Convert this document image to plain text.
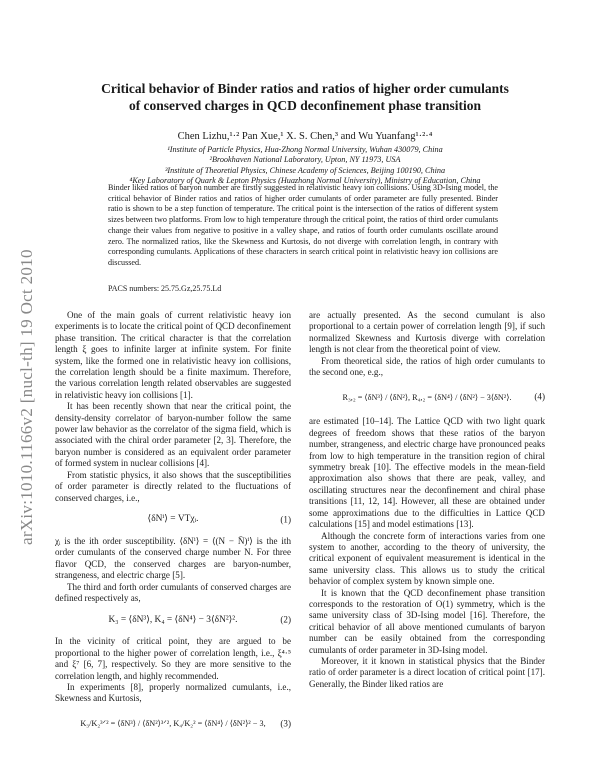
arXiv:1010.1166v2 [nucl-th] 19 Oct 2010
Critical behavior of Binder ratios and ratios of higher order cumulants
of conserved charges in QCD deconfinement phase transition
Chen Lizhu,¹·² Pan Xue,¹ X. S. Chen,³ and Wu Yuanfang¹·²·⁴
¹Institute of Particle Physics, Hua-Zhong Normal University, Wuhan 430079, China
²Brookhaven National Laboratory, Upton, NY 11973, USA
³Institute of Theoretial Physics, Chinese Academy of Sciences, Beijing 100190, China
⁴Key Laboratory of Quark & Lepton Physics (Huazhong Normal University), Ministry of Education, China
Binder liked ratios of baryon number are firstly suggested in relativistic heavy ion collisions. Using 3D-Ising model, the critical behavior of Binder ratios and ratios of higher order cumulants of order parameter are fully presented. Binder ratio is shown to be a step function of temperature. The critical point is the intersection of the ratios of different system sizes between two platforms. From low to high temperature through the critical point, the ratios of third order cumulants change their values from negative to positive in a valley shape, and ratios of fourth order cumulants oscillate around zero. The normalized ratios, like the Skewness and Kurtosis, do not diverge with correlation length, in contrary with corresponding cumulants. Applications of these characters in search critical point in relativistic heavy ion collisions are discussed.
PACS numbers: 25.75.Gz,25.75.Ld

One of the main goals of current relativistic heavy ion experiments is to locate the critical point of QCD deconfinement phase transition. The critical character is that the correlation length ξ goes to infinite larger at infinite system. For finite system, like the formed one in relativistic heavy ion collisions, the correlation length should be a finite maximum. Therefore, the various correlation length related observables are suggested in relativistic heavy ion collisions [1].

It has been recently shown that near the critical point, the density-density correlator of baryon-number follow the same power law behavior as the correlator of the sigma field, which is associated with the chiral order parameter [2, 3]. Therefore, the baryon number is considered as an equivalent order parameter of formed system in nuclear collisions [4].

From statistic physics, it also shows that the susceptibilities of order parameter is directly related to the fluctuations of conserved charges, i.e.,

⟨δNⁱ⟩ = VTχᵢ.	(1)

χᵢ is the ith order susceptibility. ⟨δNⁱ⟩ = ⟨(N − N̄)ⁱ⟩ is the ith order cumulants of the conserved charge number N. For three flavor QCD, the conserved charges are baryon-number, strangeness, and electric charge [5].

The third and forth order cumulants of conserved charges are defined respectively as,

K₃ = ⟨δN³⟩, K₄ = ⟨δN⁴⟩ − 3⟨δN²⟩².	(2)

In the vicinity of critical point, they are argued to be proportional to the higher power of correlation length, i.e., ξ⁴·⁵ and ξ⁷ [6, 7], respectively. So they are more sensitive to the correlation length, and highly recommended.

In experiments [8], properly normalized cumulants, i.e., Skewness and Kurtosis,

K₃/K₂³ᐟ² = ⟨δN³⟩ / ⟨δN²⟩³ᐟ², K₄/K₂² = ⟨δN⁴⟩ / ⟨δN²⟩² − 3, (3)

are actually presented. As the second cumulant is also proportional to a certain power of correlation length [9], if such normalized Skewness and Kurtosis diverge with correlation length is not clear from the theoretical point of view.

From theoretical side, the ratios of high order cumulants to the second one, e.g.,

R₃,₂ = ⟨δN³⟩ / ⟨δN²⟩, R₄,₂ = ⟨δN⁴⟩ / ⟨δN²⟩ − 3⟨δN²⟩.	(4)

are estimated [10–14]. The Lattice QCD with two light quark degrees of freedom shows that these ratios of the baryon number, strangeness, and electric charge have pronounced peaks from low to high temperature in the transition region of chiral symmetry break [10]. The effective models in the mean-field approximation also shows that there are peak, valley, and oscillating structures near the deconfinement and chiral phase transitions [11, 12, 14]. However, all these are obtained under some approximations due to the difficulties in Lattice QCD calculations [15] and model estimations [13].

Although the concrete form of interactions varies from one system to another, according to the theory of university, the critical exponent of equivalent measurement is identical in the same university class. This allows us to study the critical behavior of complex system by known simple one.

It is known that the QCD deconfinement phase transition corresponds to the restoration of O(1) symmetry, which is the same university class of 3D-Ising model [16]. Therefore, the critical behavior of all above mentioned cumulants of baryon number can be easily obtained from the corresponding cumulants of order parameter in 3D-Ising model.

Moreover, it it known in statistical physics that the Binder ratio of order parameter is a direct location of critical point [17]. Generally, the Binder liked ratios are
